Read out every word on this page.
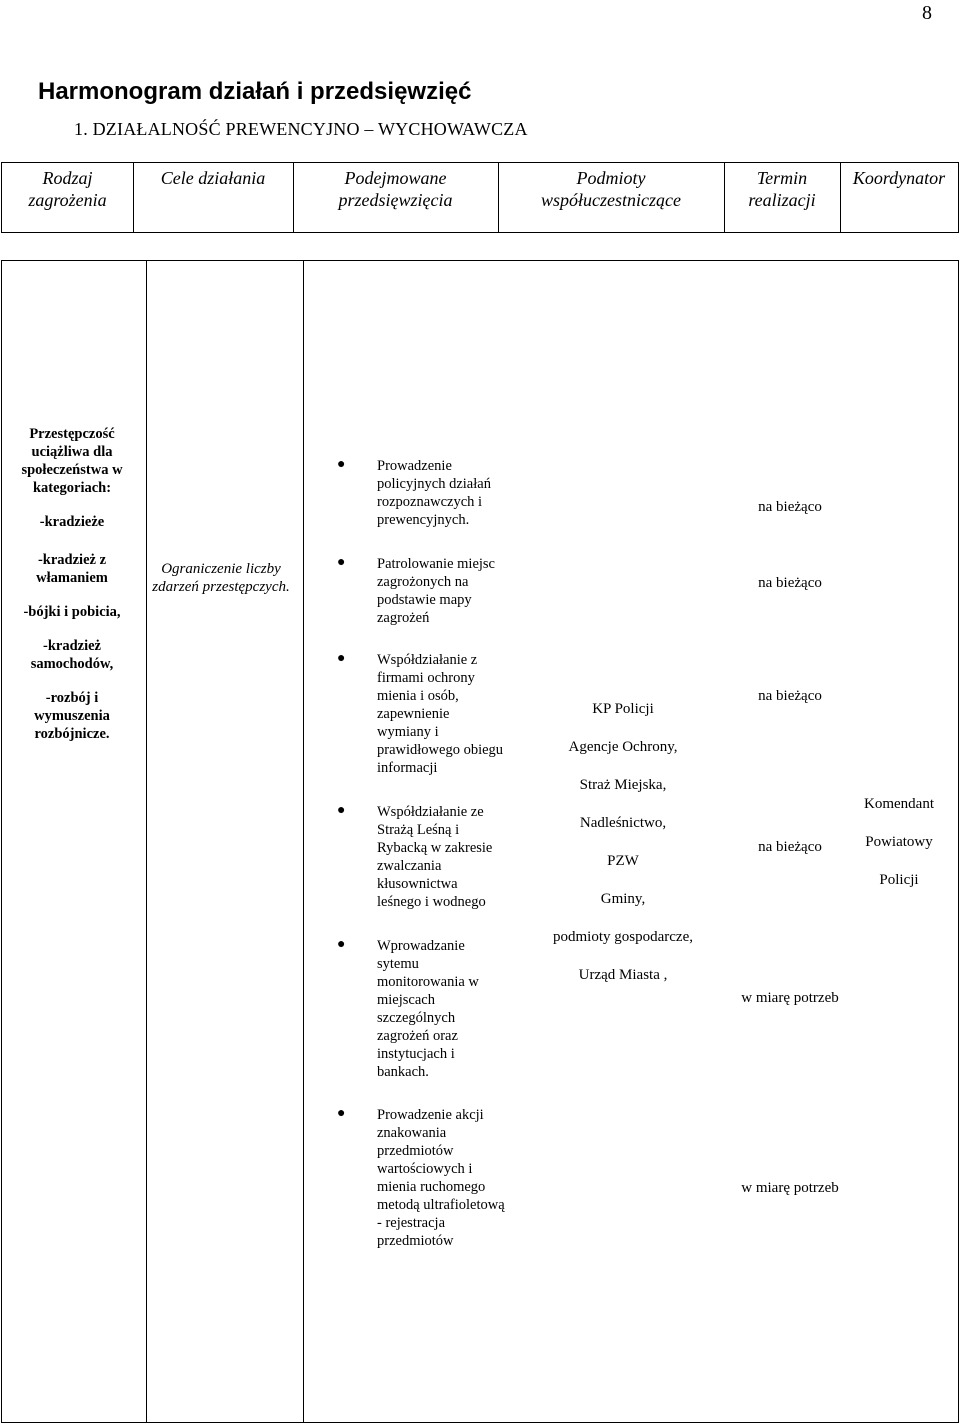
8
Harmonogram działań i przedsięwzięć
1. DZIAŁALNOŚĆ PREWENCYJNO – WYCHOWAWCZA
Rodzaj
zagrożenia
Cele działania	Podejmowane
przedsięwzięcia
Podmioty
współuczestniczące
Termin
realizacji
Koordynator

Przestępczość uciążliwa dla społeczeństwa w kategoriach:

-kradzieże

-kradzież z włamaniem

-bójki i pobicia,

-kradzież samochodów,

-rozbój i wymuszenia rozbójnicze.

Ograniczenie liczby zdarzeń przestępczych.
● Prowadzenie policyjnych działań rozpoznawczych i prewencyjnych.
● Patrolowanie miejsc zagrożonych na podstawie mapy zagrożeń
● Współdziałanie z firmami ochrony mienia i osób, zapewnienie wymiany i prawidłowego obiegu informacji
● Współdziałanie ze Strażą Leśną i Rybacką w zakresie zwalczania kłusownictwa leśnego i wodnego
● Wprowadzanie sytemu monitorowania w miejscach szczególnych zagrożeń oraz instytucjach i bankach.
● Prowadzenie akcji znakowania przedmiotów wartościowych i mienia ruchomego metodą ultrafioletową - rejestracja przedmiotów
KP Policji
Agencje Ochrony,
Straż Miejska,
Nadleśnictwo,
PZW
Gminy,
podmioty gospodarcze,
Urząd Miasta ,
na bieżąco
na bieżąco
na bieżąco
na bieżąco
w miarę potrzeb
w miarę potrzeb
Komendant
Powiatowy
Policji
